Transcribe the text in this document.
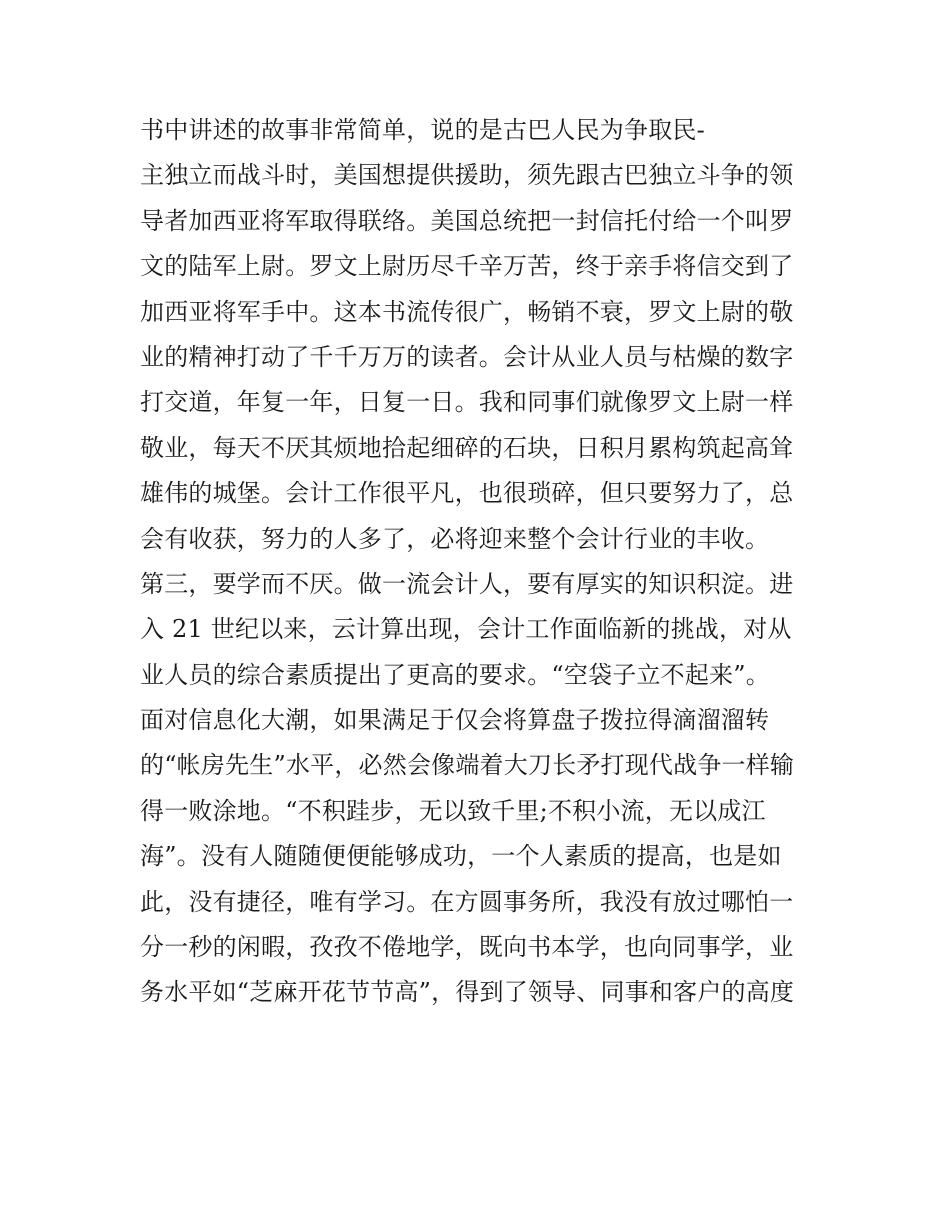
书中讲述的故事非常简单，说的是古巴人民为争取民-
主独立而战斗时，美国想提供援助，须先跟古巴独立斗争的领
导者加西亚将军取得联络。美国总统把一封信托付给一个叫罗
文的陆军上尉。罗文上尉历尽千辛万苦，终于亲手将信交到了
加西亚将军手中。这本书流传很广，畅销不衰，罗文上尉的敬
业的精神打动了千千万万的读者。会计从业人员与枯燥的数字
打交道，年复一年，日复一日。我和同事们就像罗文上尉一样
敬业，每天不厌其烦地拾起细碎的石块，日积月累构筑起高耸
雄伟的城堡。会计工作很平凡，也很琐碎，但只要努力了，总
会有收获，努力的人多了，必将迎来整个会计行业的丰收。
第三，要学而不厌。做一流会计人，要有厚实的知识积淀。进
入 21 世纪以来，云计算出现，会计工作面临新的挑战，对从
业人员的综合素质提出了更高的要求。“空袋子立不起来”。
面对信息化大潮，如果满足于仅会将算盘子拨拉得滴溜溜转
的“帐房先生”水平，必然会像端着大刀长矛打现代战争一样输
得一败涂地。“不积跬步，无以致千里;不积小流，无以成江
海”。没有人随随便便能够成功，一个人素质的提高，也是如
此，没有捷径，唯有学习。在方圆事务所，我没有放过哪怕一
分一秒的闲暇，孜孜不倦地学，既向书本学，也向同事学，业
务水平如“芝麻开花节节高”，得到了领导、同事和客户的高度
